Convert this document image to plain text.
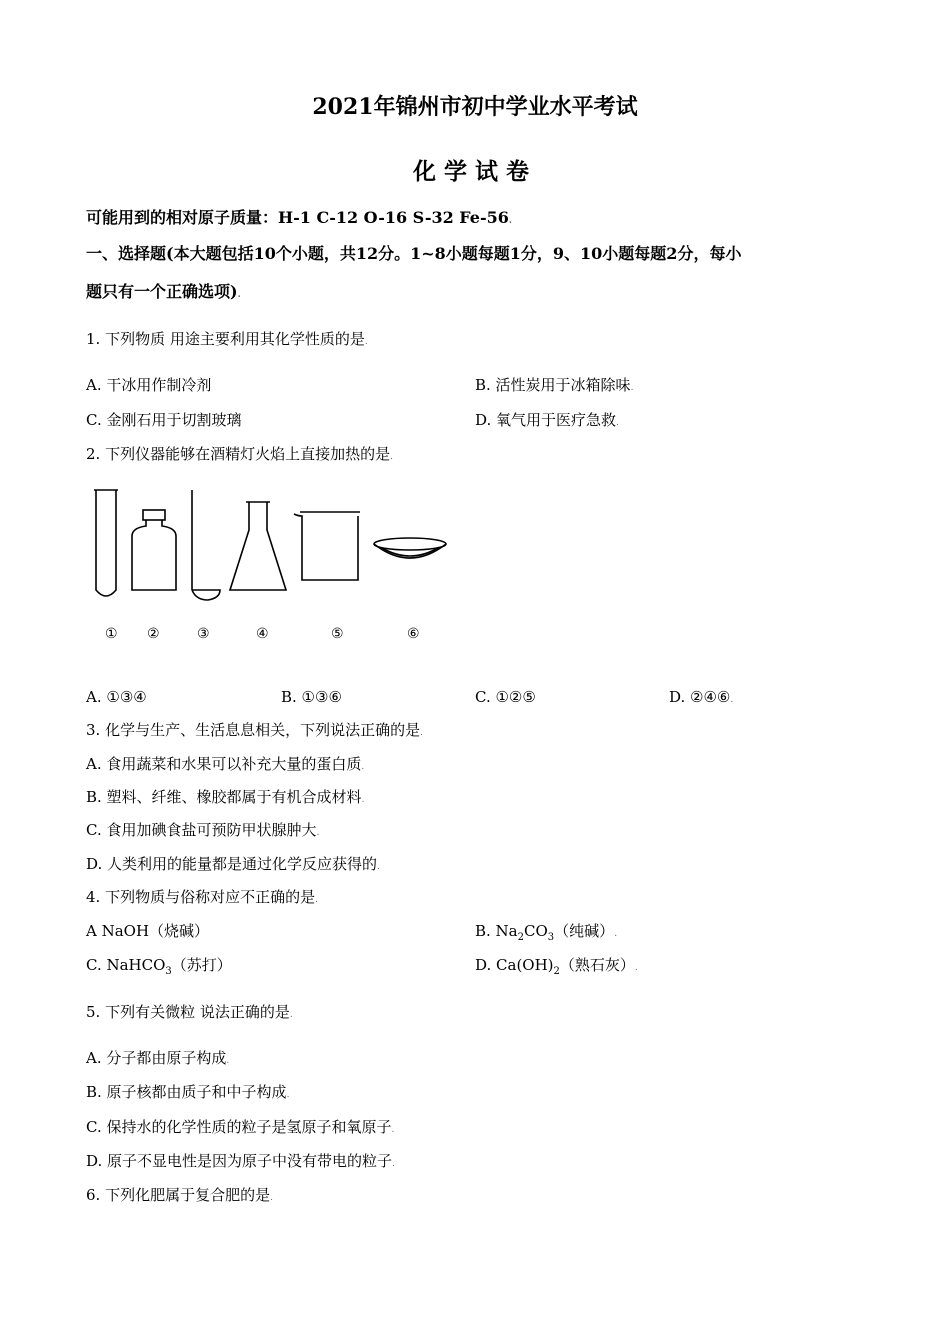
2021年锦州市初中学业水平考试
化学试卷
可能用到的相对原子质量：H-1 C-12 O-16 S-32 Fe-56.
一、选择题(本大题包括10个小题，共12分。1~8小题每题1分，9、10小题每题2分，每小
题只有一个正确选项).
1. 下列物质 用途主要利用其化学性质的是.
A. 干冰用作制冷剂	B. 活性炭用于冰箱除味.
C. 金刚石用于切割玻璃	D. 氧气用于医疗急救.
2. 下列仪器能够在酒精灯火焰上直接加热的是.
① ②	③	④	⑤	⑥
A. ①③④	B. ①③⑥	C. ①②⑤	D. ②④⑥.
3. 化学与生产、生活息息相关，下列说法正确的是.
A. 食用蔬菜和水果可以补充大量的蛋白质.
B. 塑料、纤维、橡胶都属于有机合成材料.
C. 食用加碘食盐可预防甲状腺肿大.
D. 人类利用的能量都是通过化学反应获得的.
4. 下列物质与俗称对应不正确的是.
A NaOH（烧碱）	B. $Na_2CO_3$（纯碱）.
C. NaHCO$_3$（苏打）	D. $Ca(OH)_2$（熟石灰）.
5. 下列有关微粒 说法正确的是.
A. 分子都由原子构成.
B. 原子核都由质子和中子构成.
C. 保持水的化学性质的粒子是氢原子和氧原子.
D. 原子不显电性是因为原子中没有带电的粒子.
6. 下列化肥属于复合肥的是.
